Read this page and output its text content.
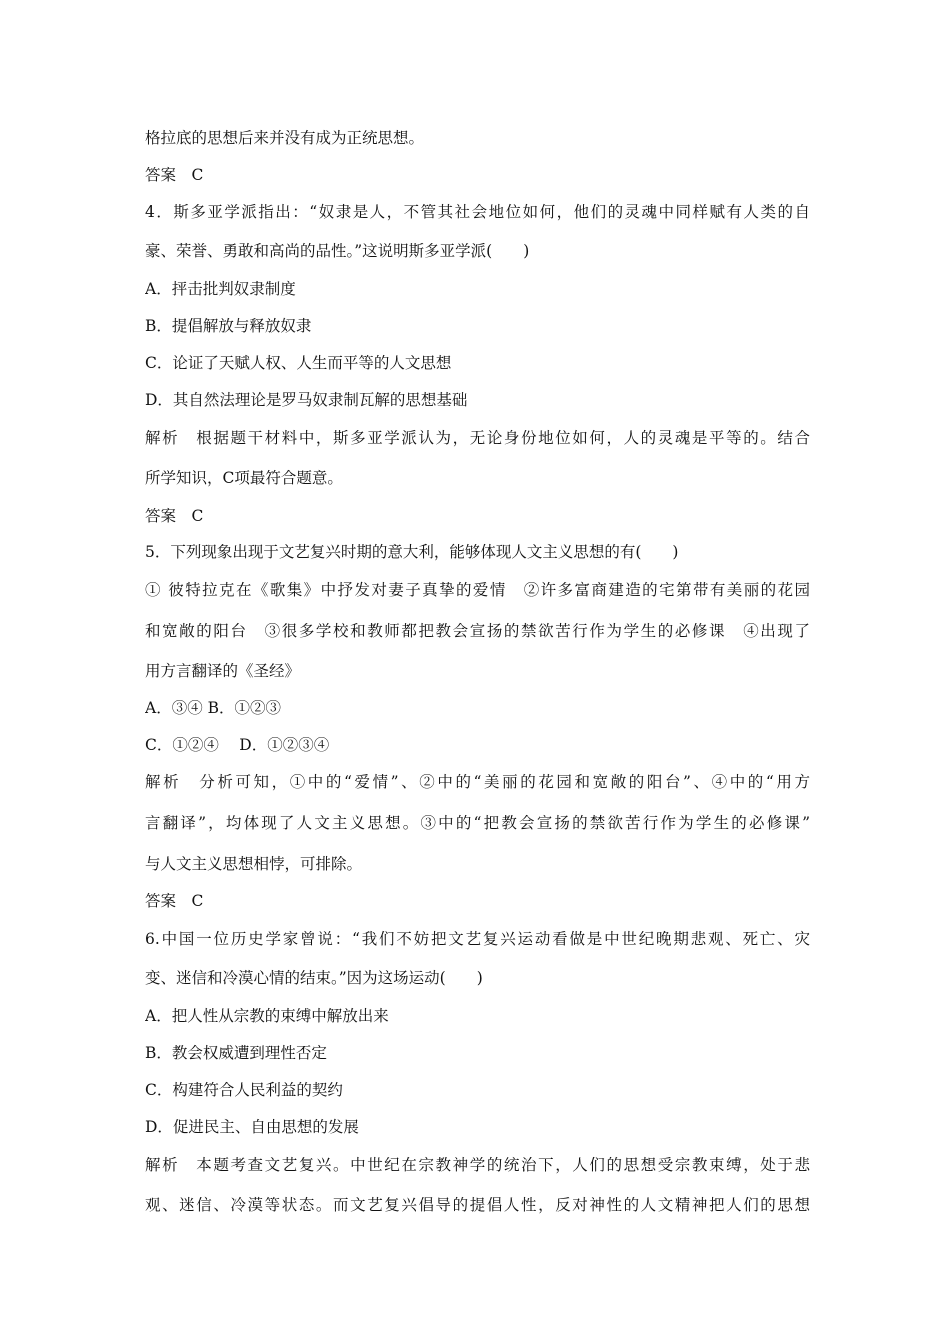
格拉底的思想后来并没有成为正统思想。
答案　C
4．斯多亚学派指出：“奴隶是人，不管其社会地位如何，他们的灵魂中同样赋有人类的自
豪、荣誉、勇敢和高尚的品性。”这说明斯多亚学派(　　)
A．抨击批判奴隶制度
B．提倡解放与释放奴隶
C．论证了天赋人权、人生而平等的人文思想
D．其自然法理论是罗马奴隶制瓦解的思想基础
解析　根据题干材料中，斯多亚学派认为，无论身份地位如何，人的灵魂是平等的。结合
所学知识，C项最符合题意。
答案　C
5．下列现象出现于文艺复兴时期的意大利，能够体现人文主义思想的有(　　)
① 彼特拉克在《歌集》中抒发对妻子真挚的爱情　②许多富商建造的宅第带有美丽的花园
和宽敞的阳台　③很多学校和教师都把教会宣扬的禁欲苦行作为学生的必修课　④出现了
用方言翻译的《圣经》
A．③④ B．①②③
C．①②④　 D．①②③④
解析　分析可知，①中的“爱情”、②中的“美丽的花园和宽敞的阳台”、④中的“用方
言翻译”，均体现了人文主义思想。③中的“把教会宣扬的禁欲苦行作为学生的必修课”
与人文主义思想相悖，可排除。
答案　C
6.中国一位历史学家曾说：“我们不妨把文艺复兴运动看做是中世纪晚期悲观、死亡、灾
变、迷信和冷漠心情的结束。”因为这场运动(　　)
A．把人性从宗教的束缚中解放出来
B．教会权威遭到理性否定
C．构建符合人民利益的契约
D．促进民主、自由思想的发展
解析　本题考查文艺复兴。中世纪在宗教神学的统治下，人们的思想受宗教束缚，处于悲
观、迷信、冷漠等状态。而文艺复兴倡导的提倡人性，反对神性的人文精神把人们的思想
